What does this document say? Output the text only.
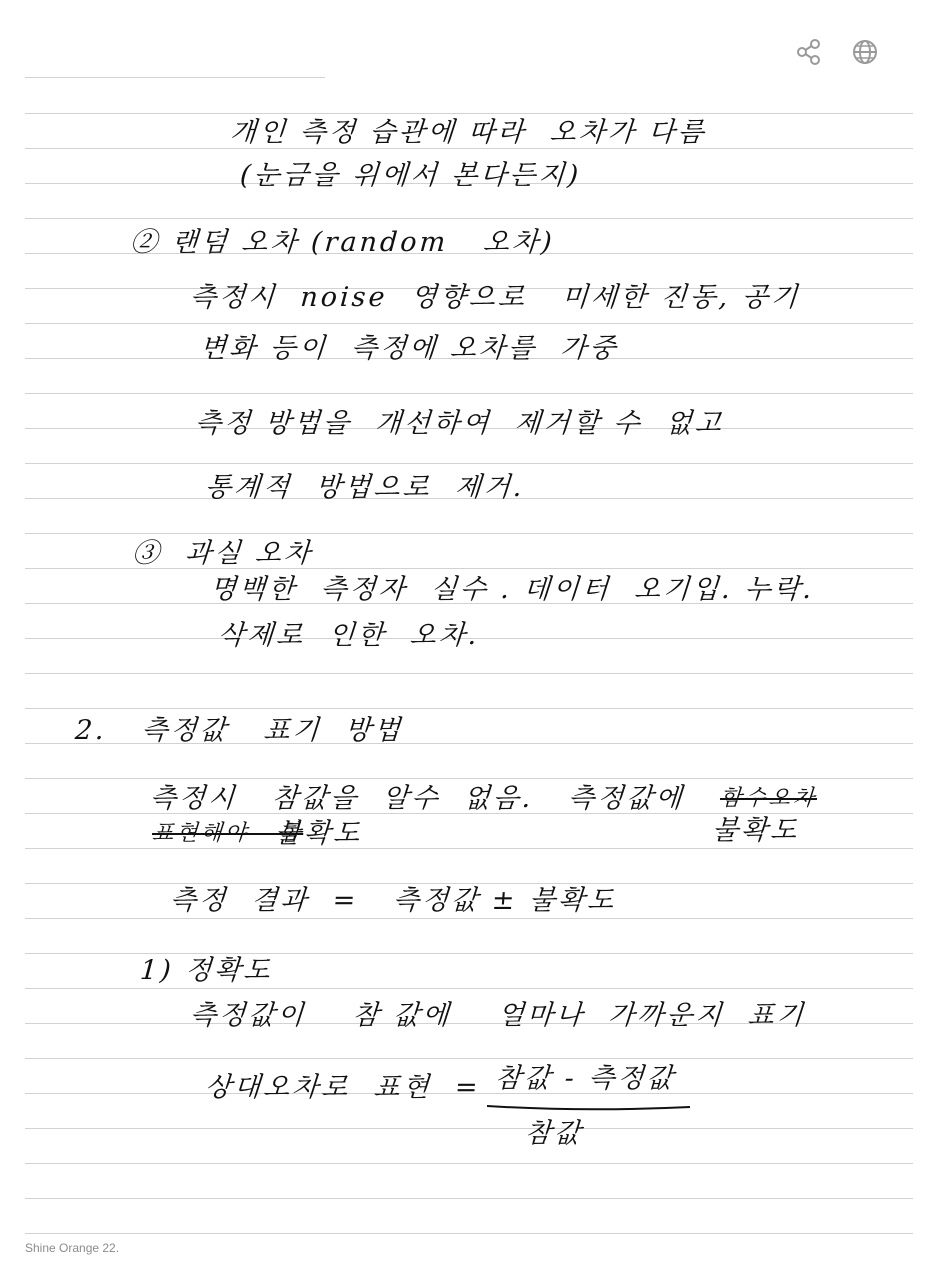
개인 측정 습관에 따라  오차가 다름
(눈금을 위에서 본다든지)
② 랜덤 오차 (random   오차)
측정시  noise  영향으로   미세한 진동, 공기
변화 등이  측정에 오차를  가중
측정 방법을  개선하여  제거할 수  없고
통계적  방법으로  제거.
③  과실 오차
명백한  측정자  실수 . 데이터  오기입. 누락.
삭제로  인한  오차.
2.   측정값   표기  방법
측정시   참값을  알수  없음.   측정값에 함수오차
표현해야   함
불확도	불확도
측정  결과  =   측정값 ± 불확도
1) 정확도
측정값이    참 값에    얼마나  가까운지  표기
상대오차로  표현  = 참값 - 측정값
참값
Shine Orange 22.
